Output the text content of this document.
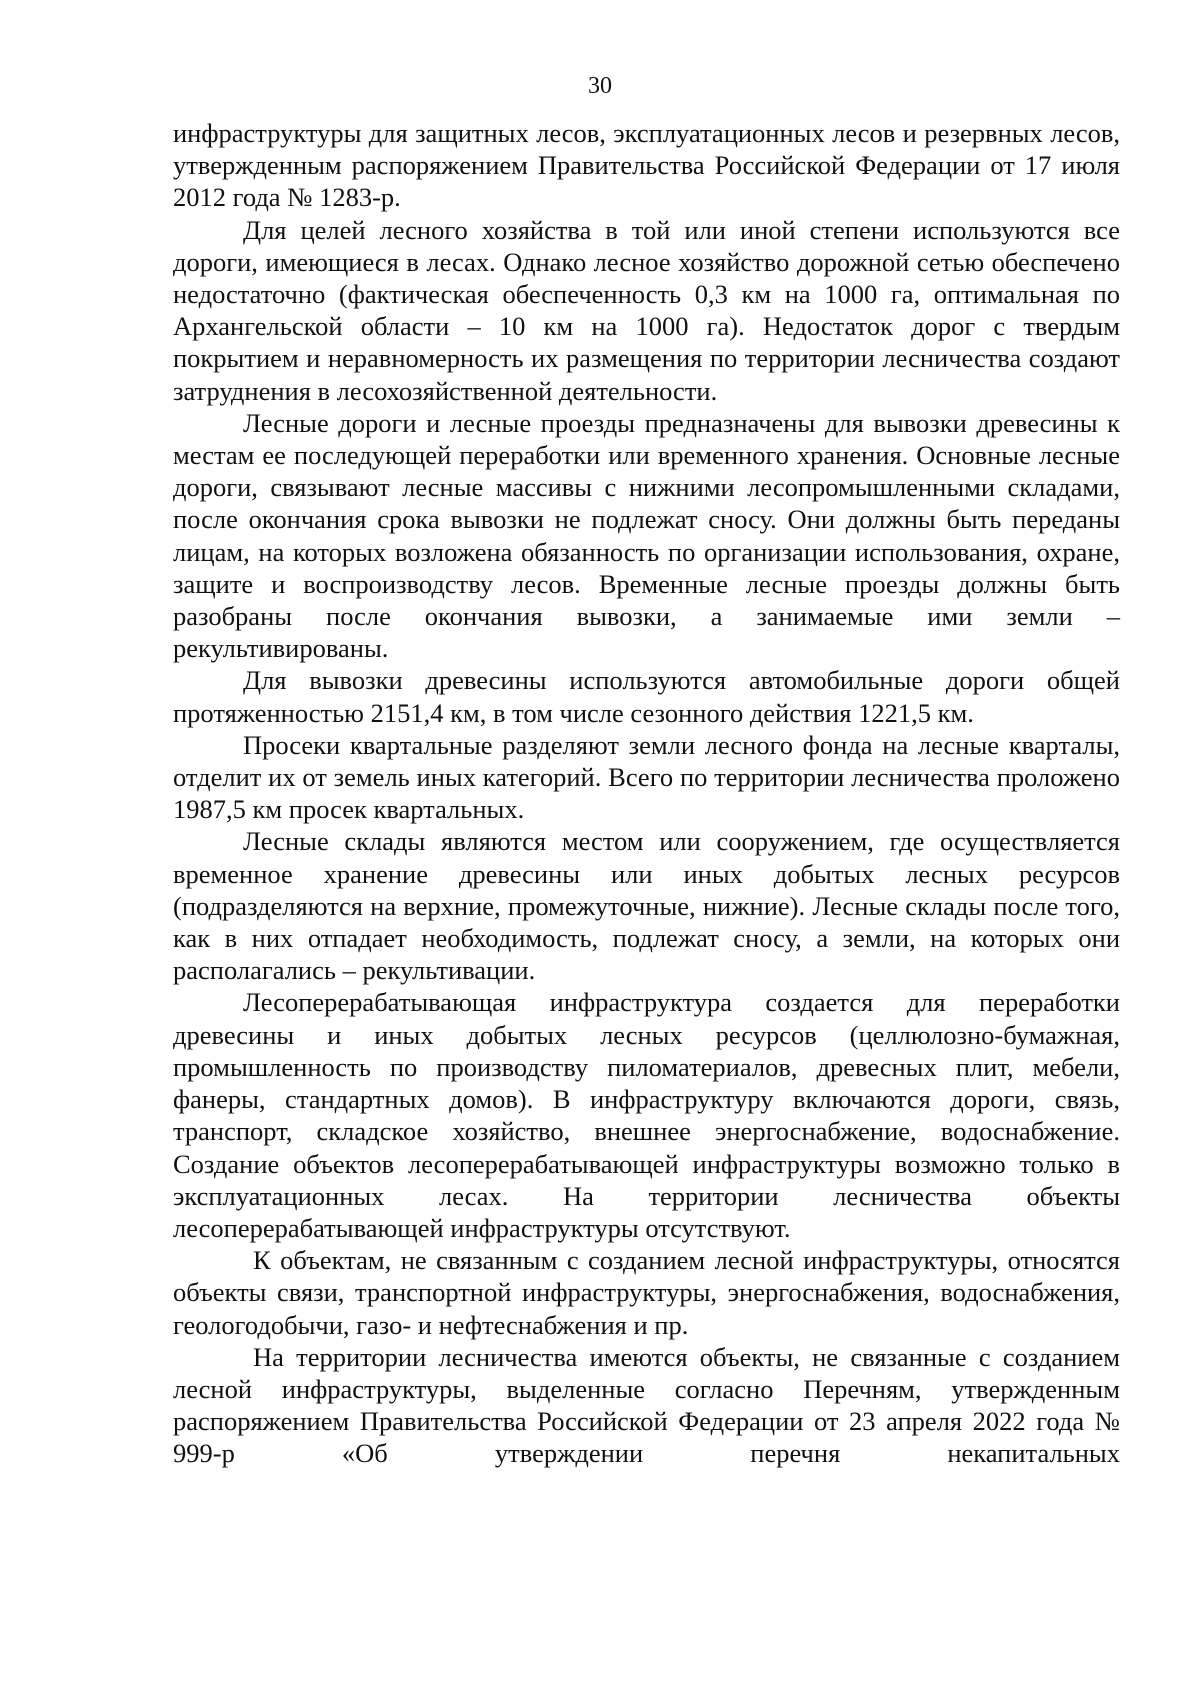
30

инфраструктуры для защитных лесов, эксплуатационных лесов и резервных лесов, утвержденным распоряжением Правительства Российской Федерации от 17 июля 2012 года № 1283-р.

Для целей лесного хозяйства в той или иной степени используются все дороги, имеющиеся в лесах. Однако лесное хозяйство дорожной сетью обеспечено недостаточно (фактическая обеспеченность 0,3 км на 1000 га, оптимальная по Архангельской области – 10 км на 1000 га). Недостаток дорог с твердым покрытием и неравномерность их размещения по территории лесничества создают затруднения в лесохозяйственной деятельности.

Лесные дороги и лесные проезды предназначены для вывозки древесины к местам ее последующей переработки или временного хранения. Основные лесные дороги, связывают лесные массивы с нижними лесопромышленными складами, после окончания срока вывозки не подлежат сносу. Они должны быть переданы лицам, на которых возложена обязанность по организации использования, охране, защите и воспроизводству лесов. Временные лесные проезды должны быть разобраны после окончания вывозки, а занимаемые ими земли – рекультивированы.

Для вывозки древесины используются автомобильные дороги общей протяженностью 2151,4 км, в том числе сезонного действия 1221,5 км.

Просеки квартальные разделяют земли лесного фонда на лесные кварталы, отделит их от земель иных категорий. Всего по территории лесничества проложено 1987,5 км просек квартальных.

Лесные склады являются местом или сооружением, где осуществляется временное хранение древесины или иных добытых лесных ресурсов (подразделяются на верхние, промежуточные, нижние). Лесные склады после того, как в них отпадает необходимость, подлежат сносу, а земли, на которых они располагались – рекультивации.

Лесоперерабатывающая инфраструктура создается для переработки древесины и иных добытых лесных ресурсов (целлюлозно-бумажная, промышленность по производству пиломатериалов, древесных плит, мебели, фанеры, стандартных домов). В инфраструктуру включаются дороги, связь, транспорт, складское хозяйство, внешнее энергоснабжение, водоснабжение. Создание объектов лесоперерабатывающей инфраструктуры возможно только в эксплуатационных лесах. На территории лесничества объекты лесоперерабатывающей инфраструктуры отсутствуют.

К объектам, не связанным с созданием лесной инфраструктуры, относятся объекты связи, транспортной инфраструктуры, энергоснабжения, водоснабжения, геологодобычи, газо- и нефтеснабжения и пр.

На территории лесничества имеются объекты, не связанные с созданием лесной инфраструктуры, выделенные согласно Перечням, утвержденным распоряжением Правительства Российской Федерации от 23 апреля 2022 года № 999-р «Об утверждении перечня некапитальных
